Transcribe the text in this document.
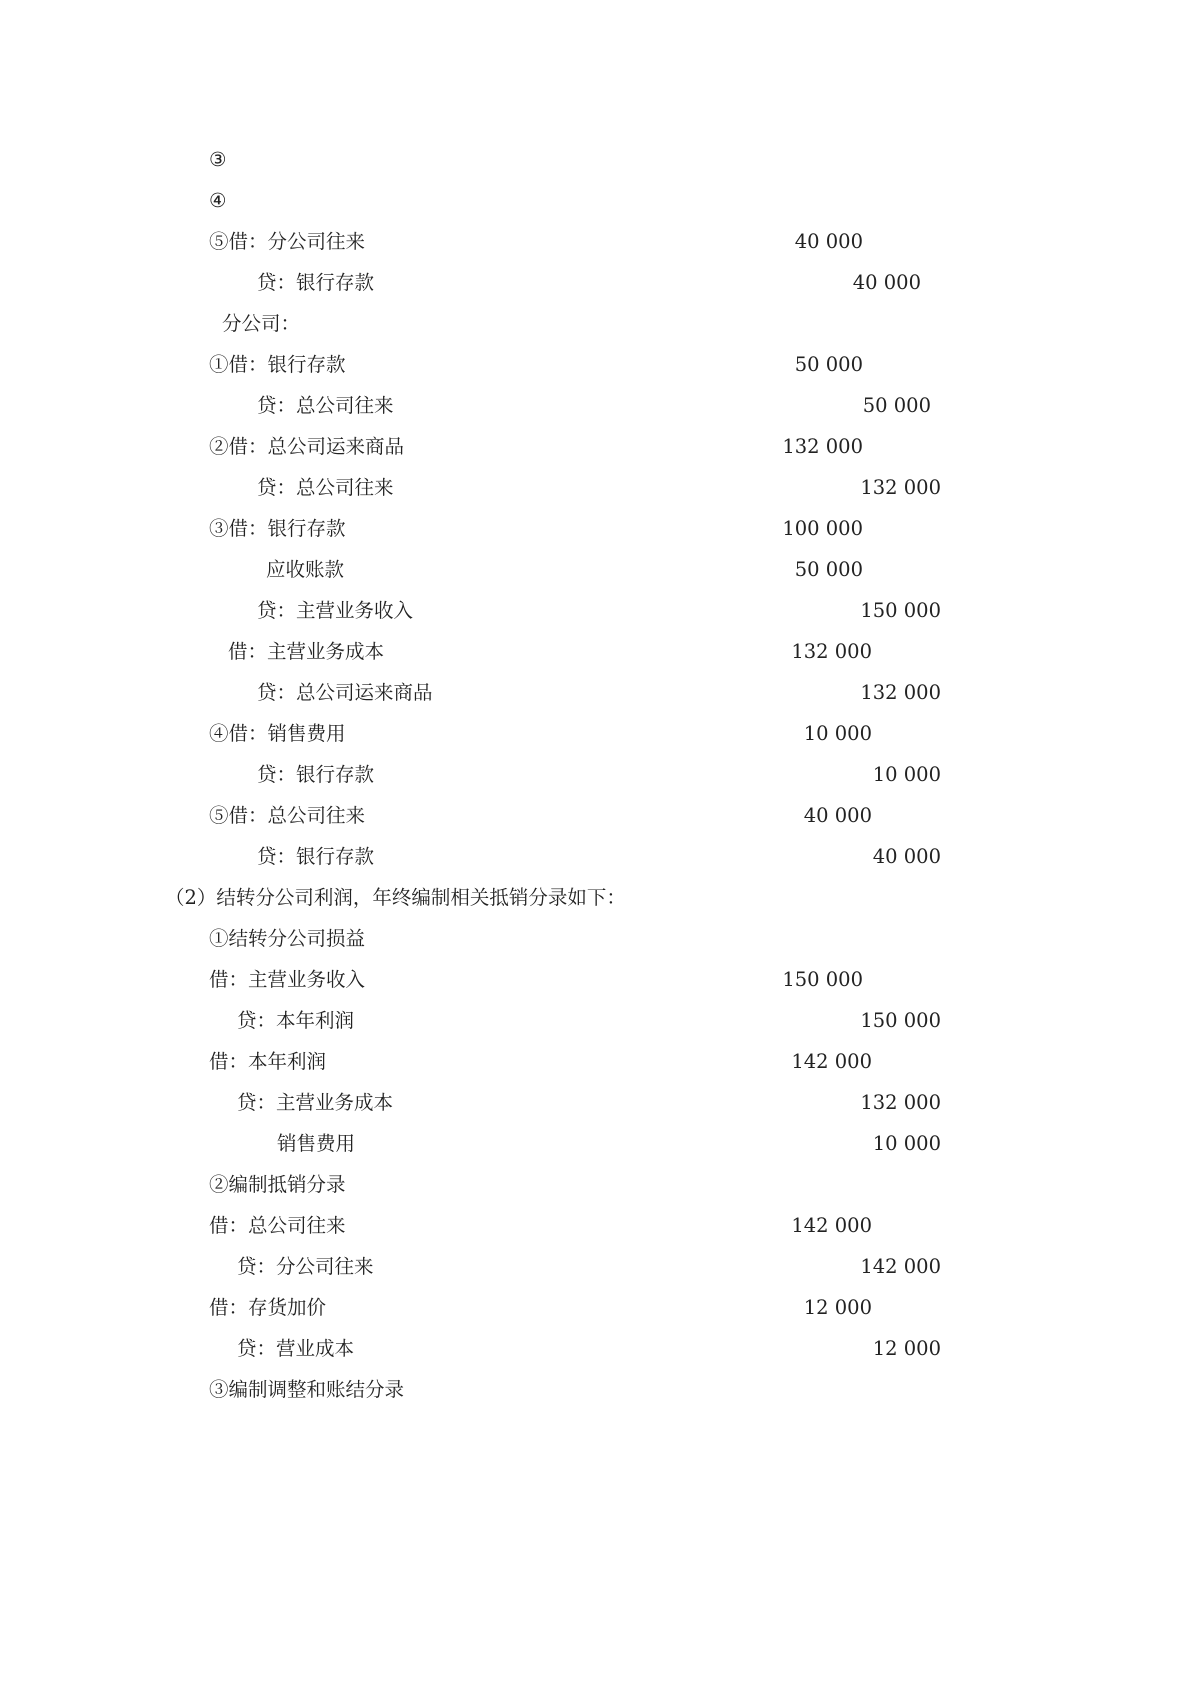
③
④
⑤借：分公司往来	40 000
贷：银行存款	40 000
分公司：
①借：银行存款	50 000
贷：总公司往来	50 000
②借：总公司运来商品	132 000
贷：总公司往来	132 000
③借：银行存款	100 000
应收账款	50 000
贷：主营业务收入	150 000
借：主营业务成本	132 000
贷：总公司运来商品	132 000
④借：销售费用	10 000
贷：银行存款	10 000
⑤借：总公司往来	40 000
贷：银行存款	40 000
（2）结转分公司利润，年终编制相关抵销分录如下：
①结转分公司损益
借：主营业务收入	150 000
贷：本年利润	150 000
借：本年利润	142 000
贷：主营业务成本	132 000
销售费用	10 000
②编制抵销分录
借：总公司往来	142 000
贷：分公司往来	142 000
借：存货加价	12 000
贷：营业成本	12 000
③编制调整和账结分录
